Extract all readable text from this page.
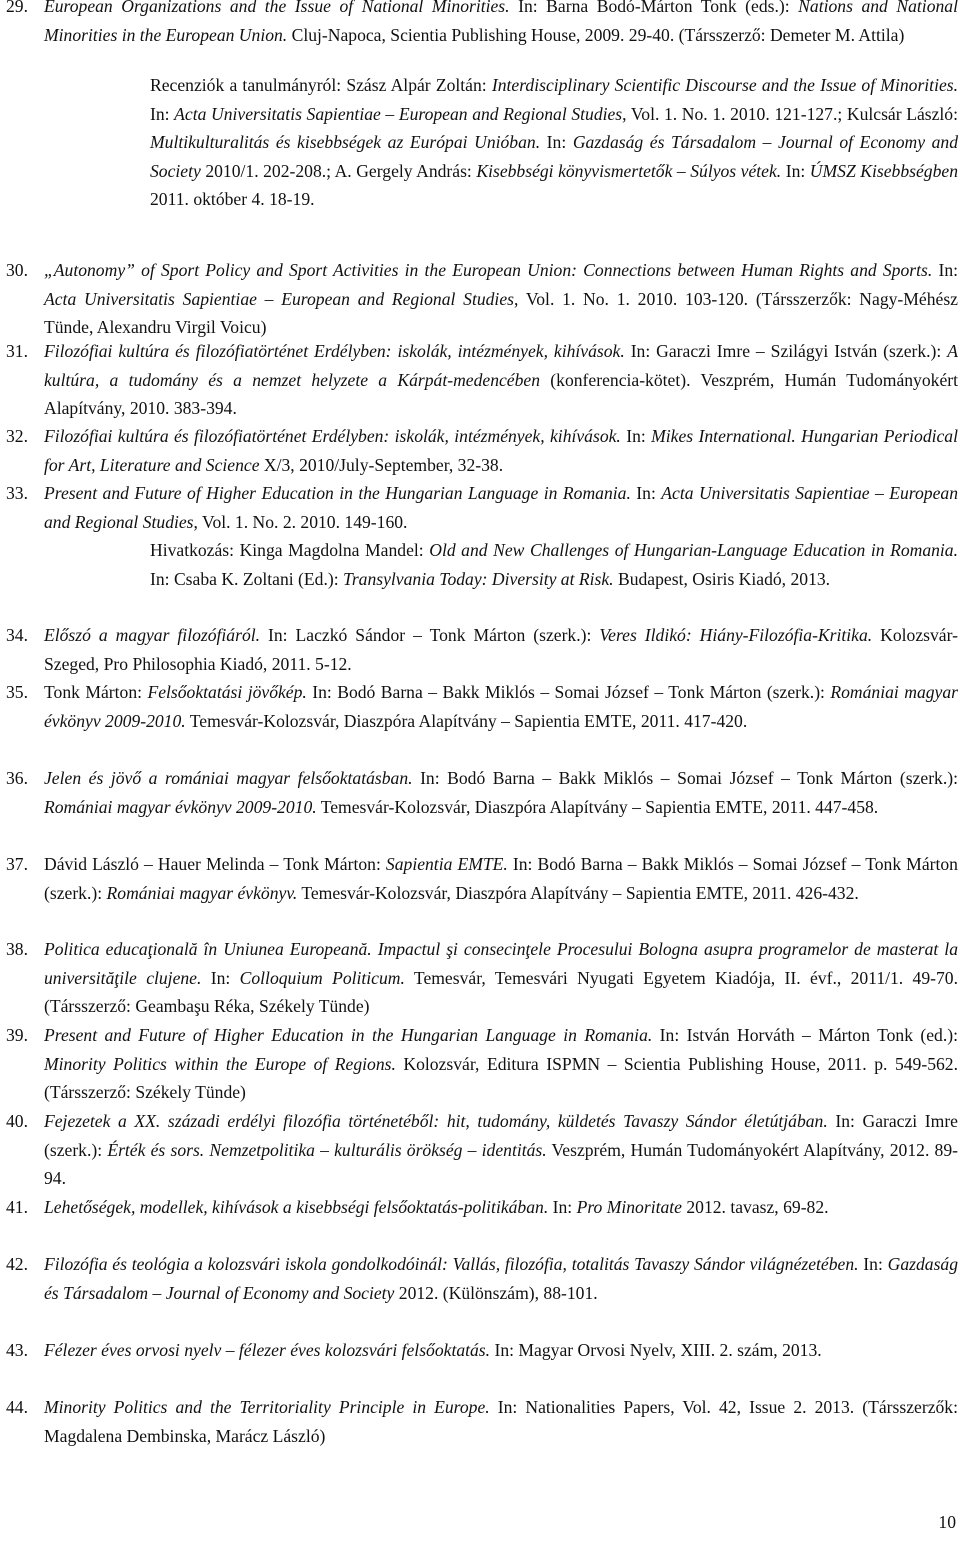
29. European Organizations and the Issue of National Minorities. In: Barna Bodó-Márton Tonk (eds.): Nations and National Minorities in the European Union. Cluj-Napoca, Scientia Publishing House, 2009. 29-40. (Társszerző: Demeter M. Attila)
Recenziók a tanulmányról: Szász Alpár Zoltán: Interdisciplinary Scientific Discourse and the Issue of Minorities. In: Acta Universitatis Sapientiae – European and Regional Studies, Vol. 1. No. 1. 2010. 121-127.; Kulcsár László: Multikulturalitás és kisebbségek az Európai Unióban. In: Gazdaság és Társadalom – Journal of Economy and Society 2010/1. 202-208.; A. Gergely András: Kisebbségi könyvismertetők – Súlyos vétek. In: ÚMSZ Kisebbségben 2011. október 4. 18-19.
30. „Autonomy” of Sport Policy and Sport Activities in the European Union: Connections between Human Rights and Sports. In: Acta Universitatis Sapientiae – European and Regional Studies, Vol. 1. No. 1. 2010. 103-120. (Társszerzők: Nagy-Méhész Tünde, Alexandru Virgil Voicu)
31. Filozófiai kultúra és filozófiatörténet Erdélyben: iskolák, intézmények, kihívások. In: Garaczi Imre – Szilágyi István (szerk.): A kultúra, a tudomány és a nemzet helyzete a Kárpát-medencében (konferencia-kötet). Veszprém, Humán Tudományokért Alapítvány, 2010. 383-394.
32. Filozófiai kultúra és filozófiatörténet Erdélyben: iskolák, intézmények, kihívások. In: Mikes International. Hungarian Periodical for Art, Literature and Science X/3, 2010/July-September, 32-38.
33. Present and Future of Higher Education in the Hungarian Language in Romania. In: Acta Universitatis Sapientiae – European and Regional Studies, Vol. 1. No. 2. 2010. 149-160.
Hivatkozás: Kinga Magdolna Mandel: Old and New Challenges of Hungarian-Language Education in Romania. In: Csaba K. Zoltani (Ed.): Transylvania Today: Diversity at Risk. Budapest, Osiris Kiadó, 2013.
34. Előszó a magyar filozófiáról. In: Laczkó Sándor – Tonk Márton (szerk.): Veres Ildikó: Hiány-Filozófia-Kritika. Kolozsvár-Szeged, Pro Philosophia Kiadó, 2011. 5-12.
35. Tonk Márton: Felsőoktatási jövőkép. In: Bodó Barna – Bakk Miklós – Somai József – Tonk Márton (szerk.): Romániai magyar évkönyv 2009-2010. Temesvár-Kolozsvár, Diaszpóra Alapítvány – Sapientia EMTE, 2011. 417-420.
36. Jelen és jövő a romániai magyar felsőoktatásban. In: Bodó Barna – Bakk Miklós – Somai József – Tonk Márton (szerk.): Romániai magyar évkönyv 2009-2010. Temesvár-Kolozsvár, Diaszpóra Alapítvány – Sapientia EMTE, 2011. 447-458.
37. Dávid László – Hauer Melinda – Tonk Márton: Sapientia EMTE. In: Bodó Barna – Bakk Miklós – Somai József – Tonk Márton (szerk.): Romániai magyar évkönyv. Temesvár-Kolozsvár, Diaszpóra Alapítvány – Sapientia EMTE, 2011. 426-432.
38. Politica educaţională în Uniunea Europeană. Impactul şi consecinţele Procesului Bologna asupra programelor de masterat la universităţile clujene. In: Colloquium Politicum. Temesvár, Temesvári Nyugati Egyetem Kiadója, II. évf., 2011/1. 49-70. (Társszerző: Geambaşu Réka, Székely Tünde)
39. Present and Future of Higher Education in the Hungarian Language in Romania. In: István Horváth – Márton Tonk (ed.): Minority Politics within the Europe of Regions. Kolozsvár, Editura ISPMN – Scientia Publishing House, 2011. p. 549-562. (Társszerző: Székely Tünde)
40. Fejezetek a XX. századi erdélyi filozófia történetéből: hit, tudomány, küldetés Tavaszy Sándor életútjában. In: Garaczi Imre (szerk.): Érték és sors. Nemzetpolitika – kulturális örökség – identitás. Veszprém, Humán Tudományokért Alapítvány, 2012. 89-94.
41. Lehetőségek, modellek, kihívások a kisebbségi felsőoktatás-politikában. In: Pro Minoritate 2012. tavasz, 69-82.
42. Filozófia és teológia a kolozsvári iskola gondolkodóinál: Vallás, filozófia, totalitás Tavaszy Sándor világnézetében. In: Gazdaság és Társadalom – Journal of Economy and Society 2012. (Különszám), 88-101.
43. Félezer éves orvosi nyelv – félezer éves kolozsvári felsőoktatás. In: Magyar Orvosi Nyelv, XIII. 2. szám, 2013.
44. Minority Politics and the Territoriality Principle in Europe. In: Nationalities Papers, Vol. 42, Issue 2. 2013. (Társszerzők: Magdalena Dembinska, Marácz László)
10
